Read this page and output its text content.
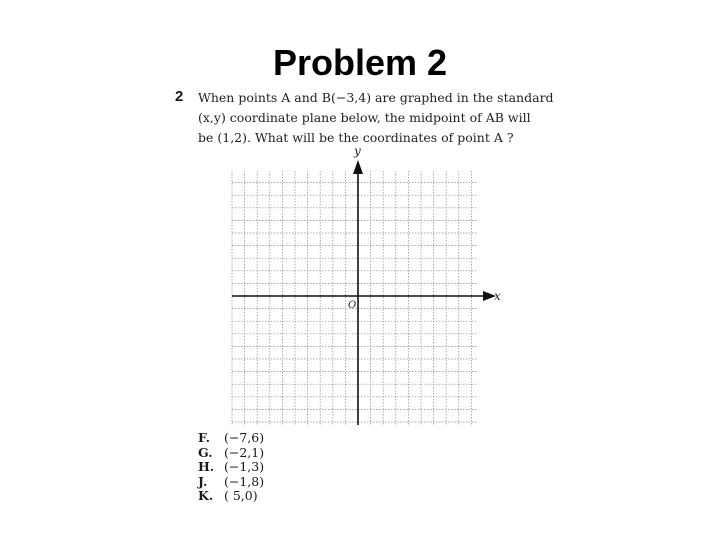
Problem 2
2 When points A and B(−3,4) are graphed in the standard
(x,y) coordinate plane below, the midpoint of AB will
be (1,2). What will be the coordinates of point A ?
y
x
O
F. (−7,6)
G. (−2,1)
H. (−1,3)
J. (−1,8)
K. ( 5,0)
